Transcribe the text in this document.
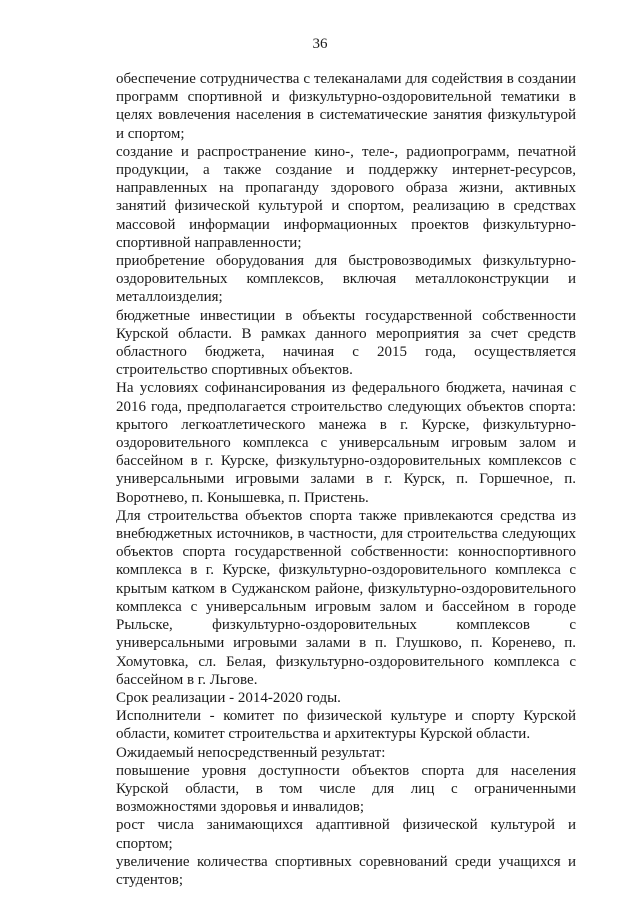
36

обеспечение сотрудничества с телеканалами для содействия в создании программ спортивной и физкультурно-оздоровительной тематики в целях вовлечения населения в систематические занятия физкультурой и спортом;

создание и распространение кино-, теле-, радиопрограмм, печатной продукции, а также создание и поддержку интернет-ресурсов, направленных на пропаганду здорового образа жизни, активных занятий физической культурой и спортом, реализацию в средствах массовой информации информационных проектов физкультурно-спортивной направленности;

приобретение оборудования для быстровозводимых физкультурно-оздоровительных комплексов, включая металлоконструкции и металлоизделия;

бюджетные инвестиции в объекты государственной собственности Курской области. В рамках данного мероприятия за счет средств областного бюджета, начиная с 2015 года, осуществляется строительство спортивных объектов.

На условиях софинансирования из федерального бюджета, начиная с 2016 года, предполагается строительство следующих объектов спорта: крытого легкоатлетического манежа в г. Курске, физкультурно-оздоровительного комплекса с универсальным игровым залом и бассейном в г. Курске, физкультурно-оздоровительных комплексов с универсальными игровыми залами в г. Курск, п. Горшечное, п. Воротнево, п. Конышевка, п. Пристень.

Для строительства объектов спорта также привлекаются средства из внебюджетных источников, в частности, для строительства следующих объектов спорта государственной собственности: конноспортивного комплекса в г. Курске, физкультурно-оздоровительного комплекса с крытым катком в Суджанском районе, физкультурно-оздоровительного комплекса с универсальным игровым залом и бассейном в городе Рыльске, физкультурно-оздоровительных комплексов с универсальными игровыми залами в п. Глушково, п. Коренево, п. Хомутовка, сл. Белая, физкультурно-оздоровительного комплекса с бассейном в г. Льгове.

Срок реализации - 2014-2020 годы.

Исполнители - комитет по физической культуре и спорту Курской области, комитет строительства и архитектуры Курской области.

Ожидаемый непосредственный результат:

повышение уровня доступности объектов спорта для населения Курской области, в том числе для лиц с ограниченными возможностями здоровья и инвалидов;

рост числа занимающихся адаптивной физической культурой и спортом;

увеличение количества спортивных соревнований среди учащихся и студентов;
